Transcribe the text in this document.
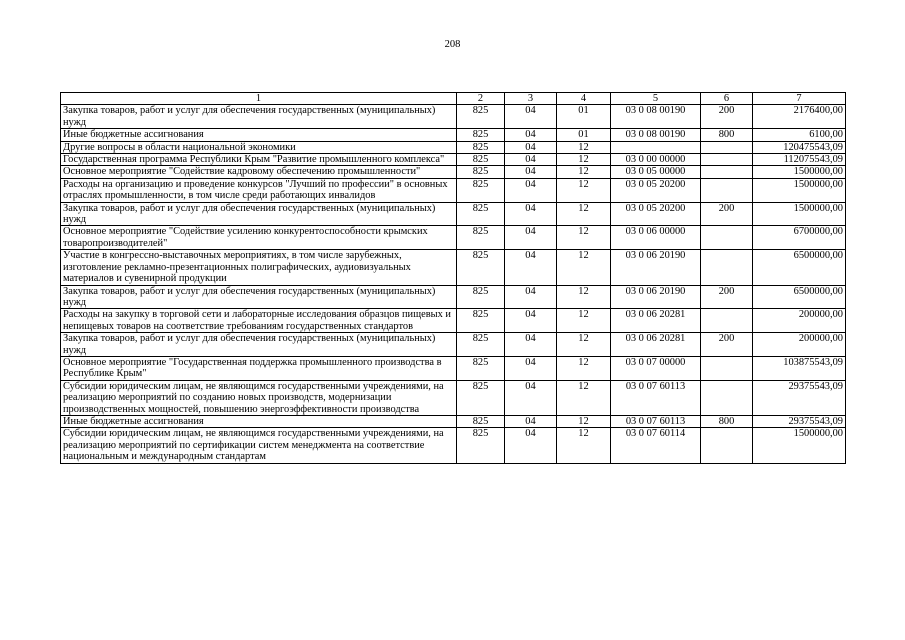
208
1	2	3	4	5	6	7
Закупка товаров, работ и услуг для обеспечения государственных (муниципальных) нужд	825	04	01	03 0 08 00190	200	2176400,00
Иные бюджетные ассигнования	825	04	01	03 0 08 00190	800	6100,00
Другие вопросы в области национальной экономики	825	04	12			120475543,09
Государственная программа Республики Крым "Развитие промышленного комплекса"	825	04	12	03 0 00 00000		112075543,09
Основное мероприятие "Содействие кадровому обеспечению промышленности"	825	04	12	03 0 05 00000		1500000,00
Расходы на организацию и проведение конкурсов "Лучший по профессии" в основных отраслях промышленности, в том числе среди работающих инвалидов	825	04	12	03 0 05 20200		1500000,00
Закупка товаров, работ и услуг для обеспечения государственных (муниципальных) нужд	825	04	12	03 0 05 20200	200	1500000,00
Основное мероприятие "Содействие усилению конкурентоспособности крымских товаропроизводителей"	825	04	12	03 0 06 00000		6700000,00
Участие в конгрессно-выставочных мероприятиях, в том числе зарубежных, изготовление рекламно-презентационных полиграфических, аудиовизуальных материалов и сувенирной продукции	825	04	12	03 0 06 20190		6500000,00
Закупка товаров, работ и услуг для обеспечения государственных (муниципальных) нужд	825	04	12	03 0 06 20190	200	6500000,00
Расходы на закупку в торговой сети и лабораторные исследования образцов пищевых и непищевых товаров на соответствие требованиям государственных стандартов	825	04	12	03 0 06 20281		200000,00
Закупка товаров, работ и услуг для обеспечения государственных (муниципальных) нужд	825	04	12	03 0 06 20281	200	200000,00
Основное мероприятие "Государственная поддержка промышленного производства в Республике Крым"	825	04	12	03 0 07 00000		103875543,09
Субсидии юридическим лицам, не являющимся государственными учреждениями, на реализацию мероприятий по созданию новых производств, модернизации производственных мощностей, повышению энергоэффективности производства	825	04	12	03 0 07 60113		29375543,09
Иные бюджетные ассигнования	825	04	12	03 0 07 60113	800	29375543,09
Субсидии юридическим лицам, не являющимся государственными учреждениями, на реализацию мероприятий по сертификации систем менеджмента на соответствие национальным и международным стандартам	825	04	12	03 0 07 60114		1500000,00
